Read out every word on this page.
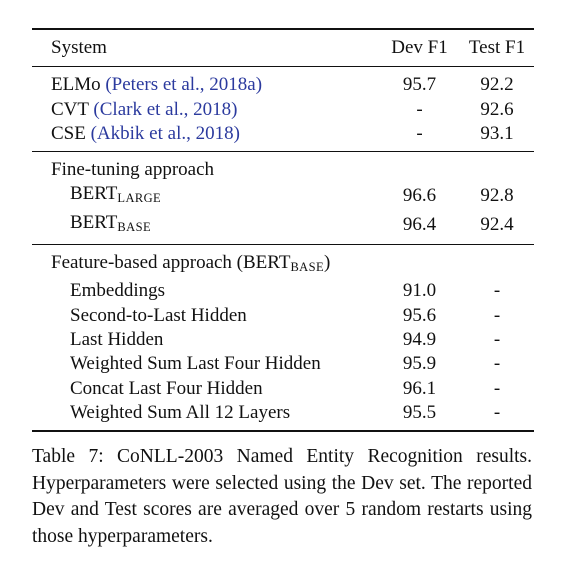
System	Dev F1	Test F1
ELMo (Peters et al., 2018a)	95.7	92.2
CVT (Clark et al., 2018)	-	92.6
CSE (Akbik et al., 2018)	-	93.1
Fine-tuning approach		
BERTLARGE	96.6	92.8
BERTBASE	96.4	92.4
Feature-based approach (BERTBASE)		
Embeddings	91.0	-
Second-to-Last Hidden	95.6	-
Last Hidden	94.9	-
Weighted Sum Last Four Hidden	95.9	-
Concat Last Four Hidden	96.1	-
Weighted Sum All 12 Layers	95.5	-

Table 7: CoNLL-2003 Named Entity Recognition results. Hyperparameters were selected using the Dev set. The reported Dev and Test scores are averaged over 5 random restarts using those hyperparameters.
